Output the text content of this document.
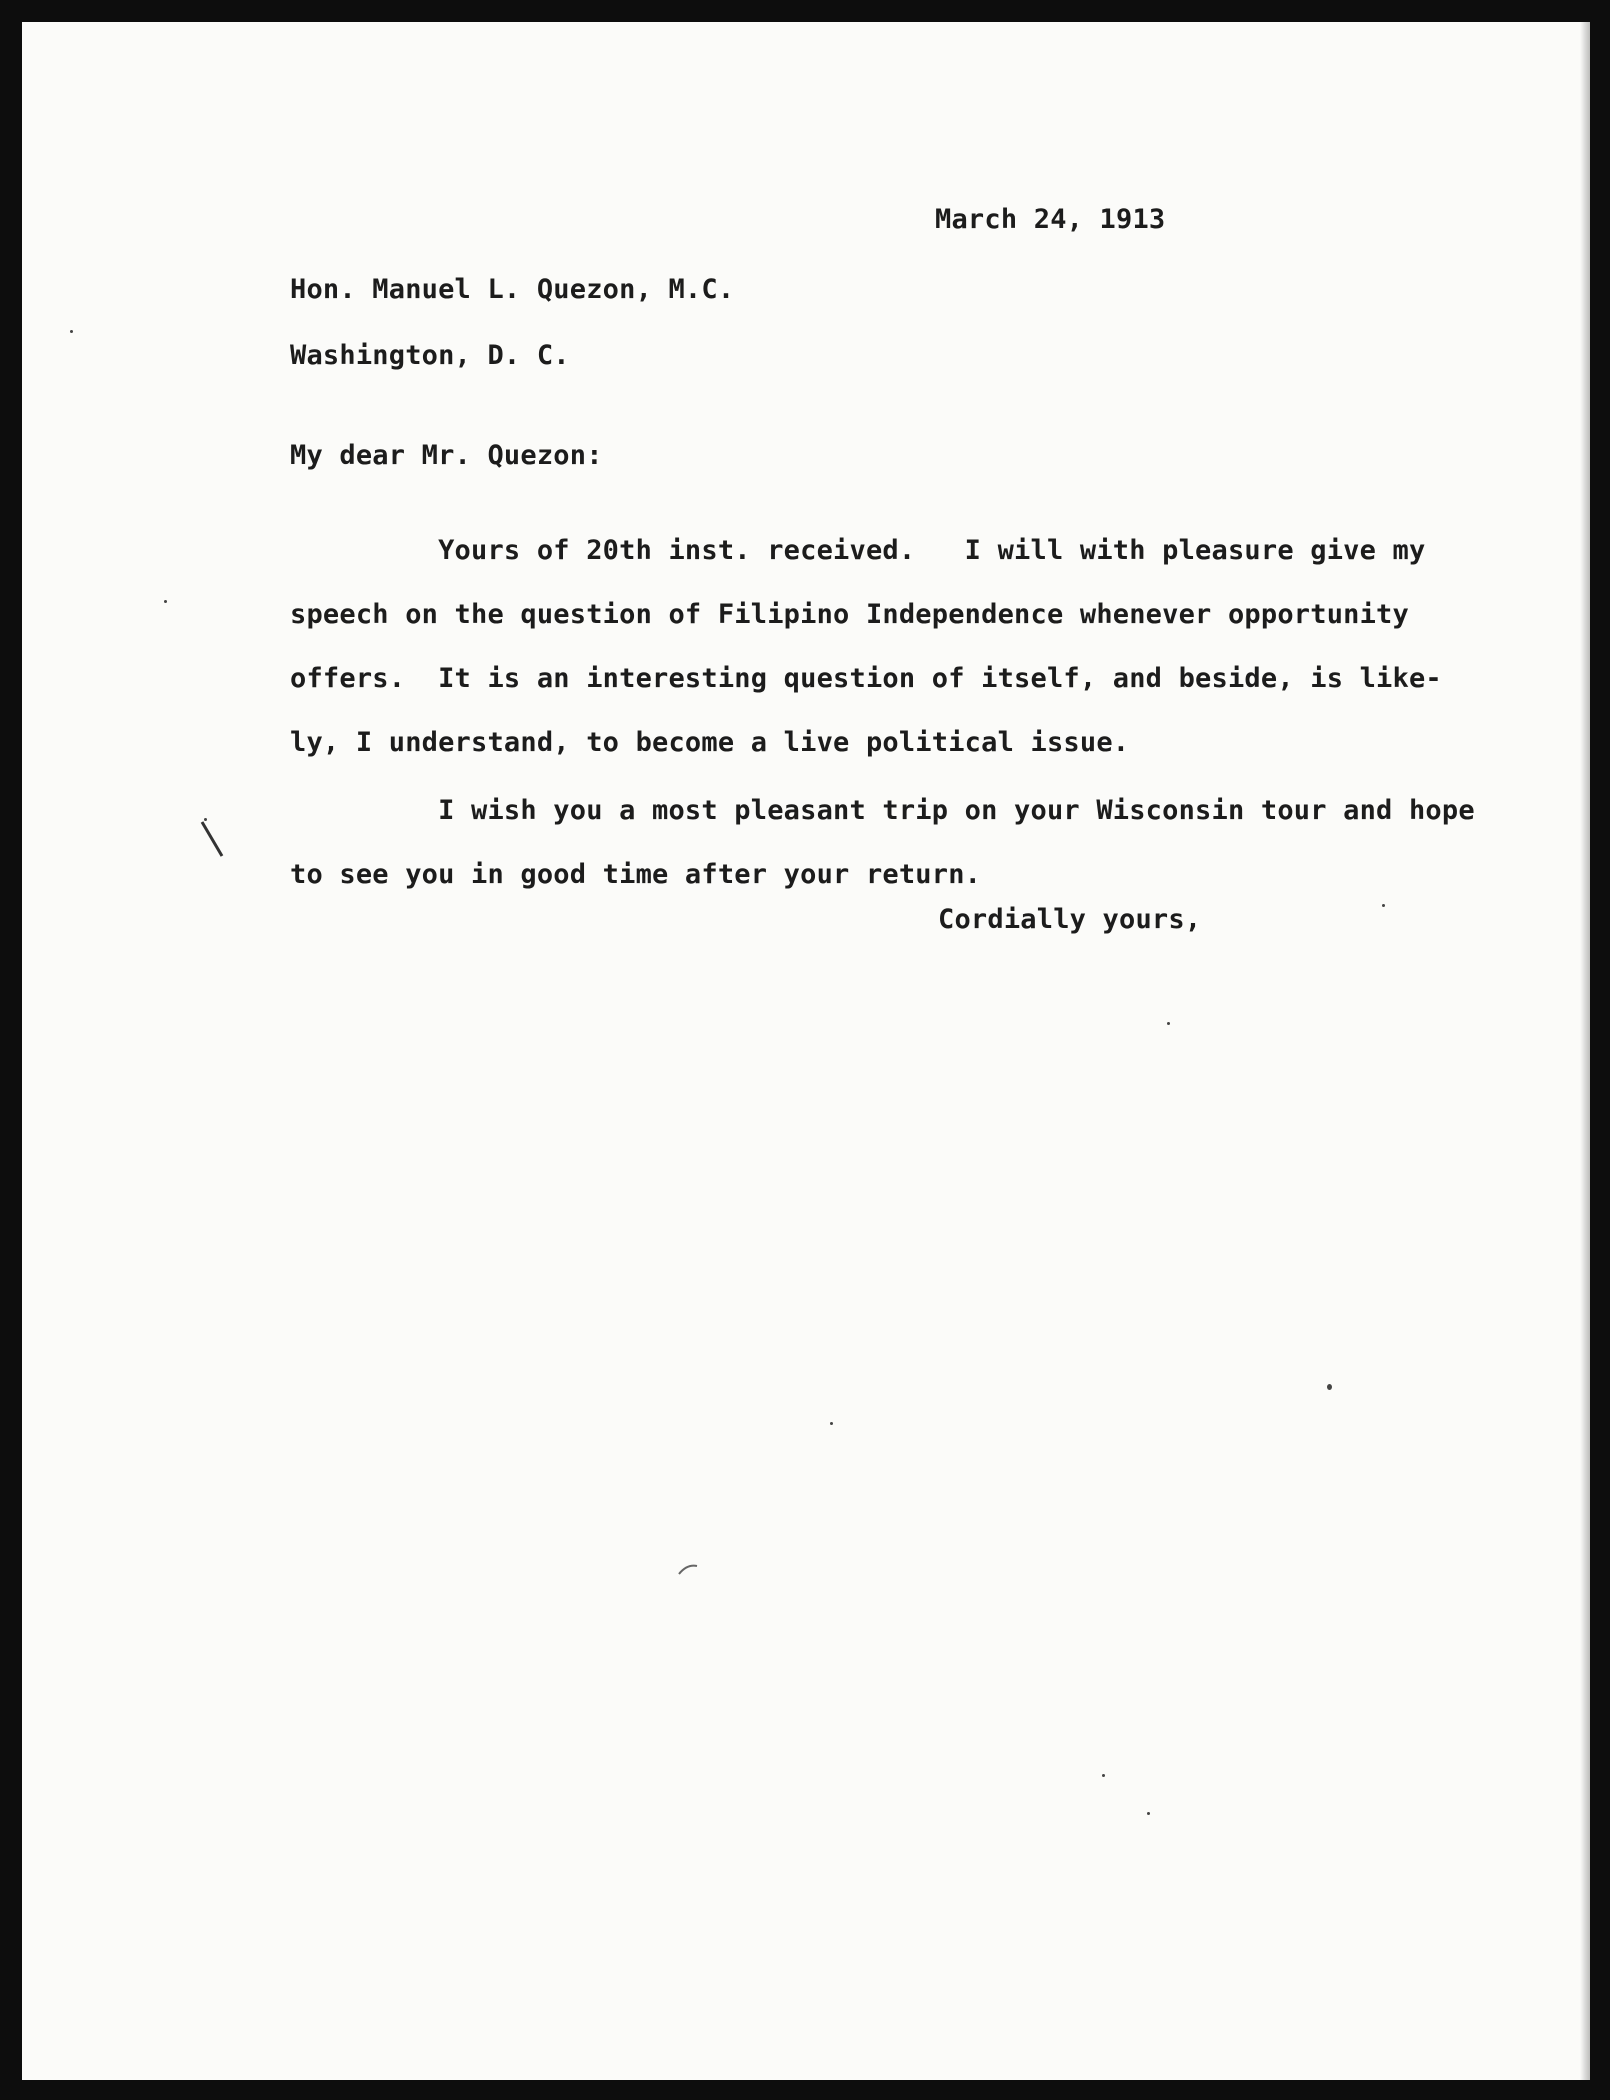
March 24, 1913

Hon. Manuel L. Quezon, M.C.

Washington, D. C.

My dear Mr. Quezon:

Yours of 20th inst. received.   I will with pleasure give my
speech on the question of Filipino Independence whenever opportunity
offers.  It is an interesting question of itself, and beside, is like-
ly, I understand, to become a live political issue.
I wish you a most pleasant trip on your Wisconsin tour and hope
to see you in good time after your return.

Cordially yours,
